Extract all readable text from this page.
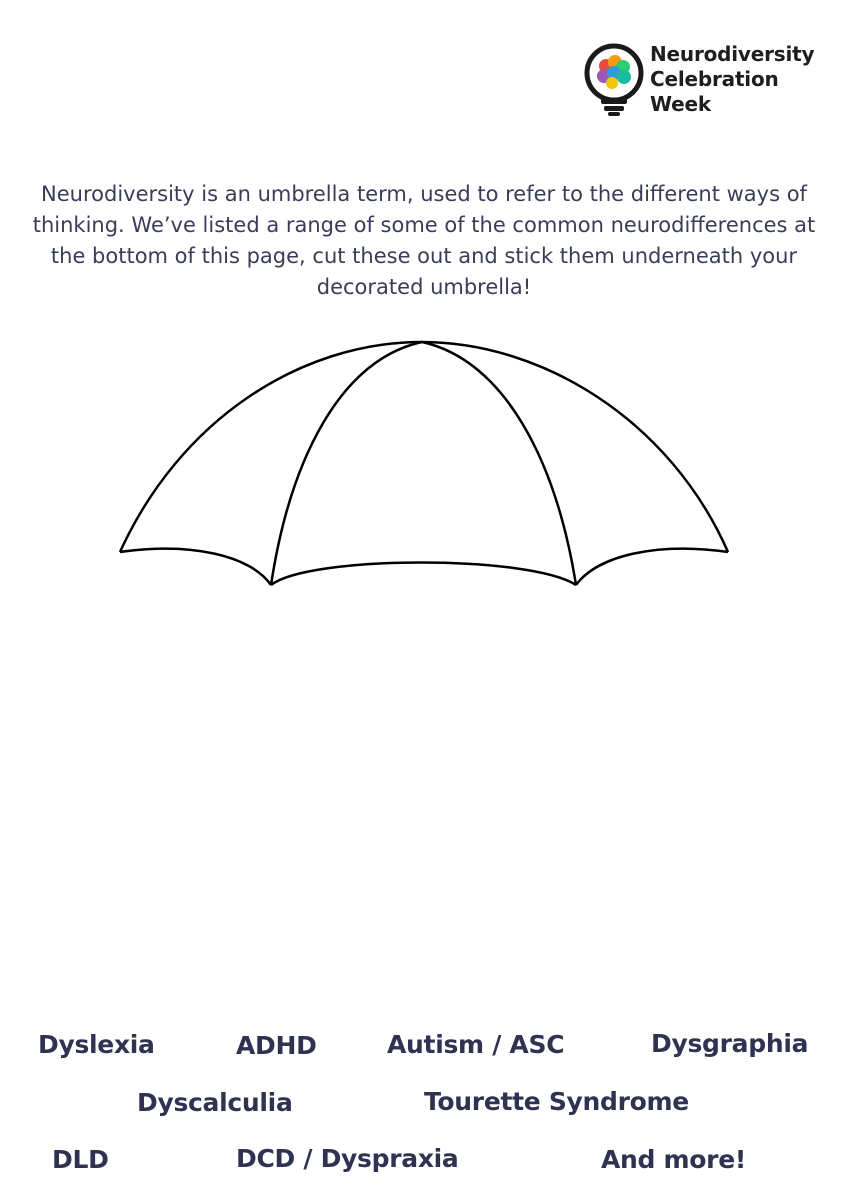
Neurodiversity
Celebration
Week
Neurodiversity is an umbrella term, used to refer to the different ways of thinking. We’ve listed a range of some of the common neurodifferences at the bottom of this page, cut these out and stick them underneath your decorated umbrella!
Dyslexia	ADHD	Autism / ASC	Dysgraphia
Dyscalculia	Tourette Syndrome
DLD	DCD / Dyspraxia	And more!
